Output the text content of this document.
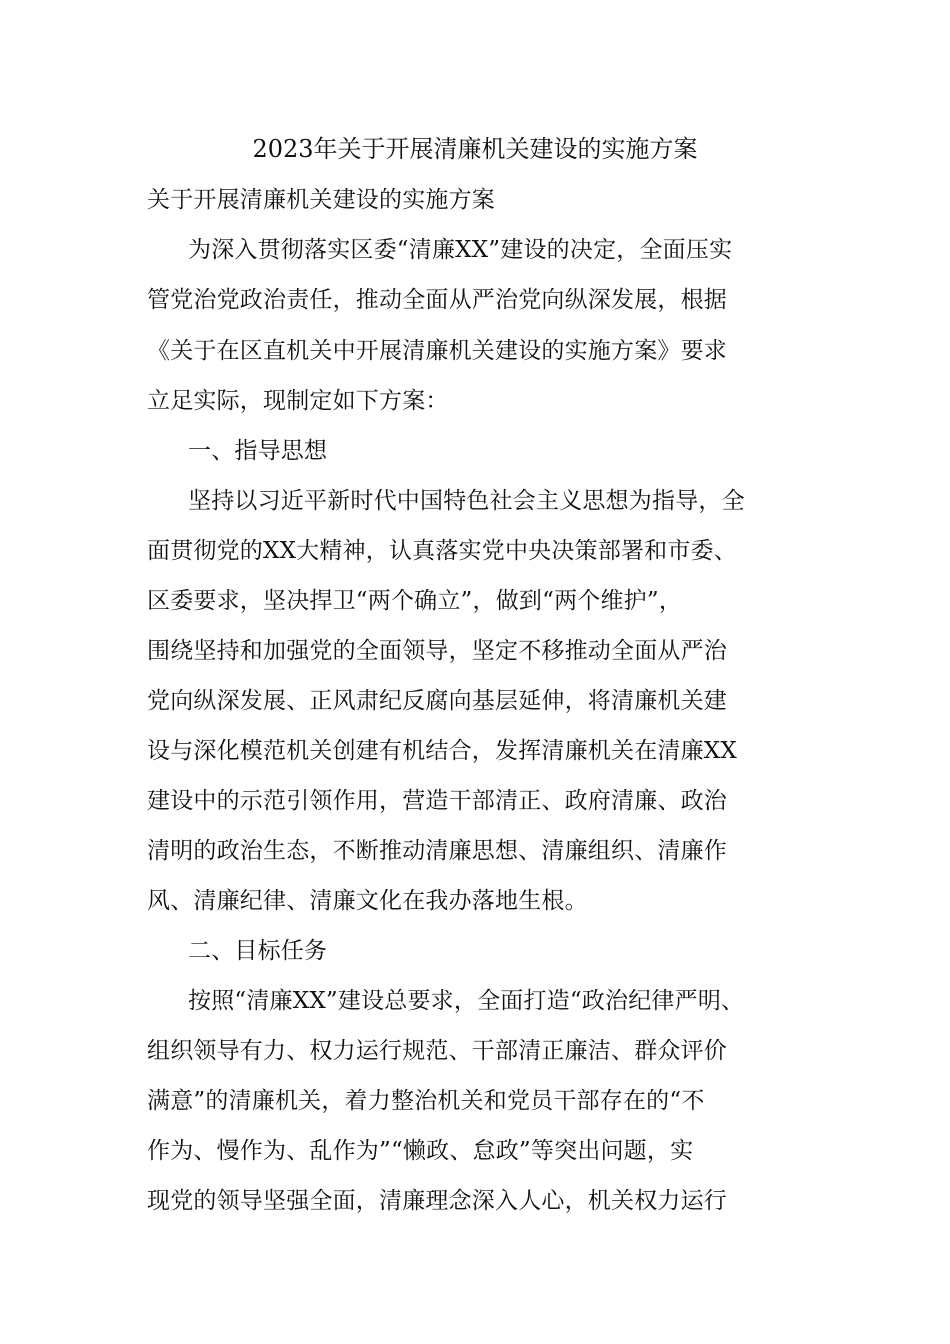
2023年关于开展清廉机关建设的实施方案
关于开展清廉机关建设的实施方案
为深入贯彻落实区委“清廉XX”建设的决定，全面压实
管党治党政治责任，推动全面从严治党向纵深发展，根据
《关于在区直机关中开展清廉机关建设的实施方案》要求
立足实际，现制定如下方案：
一、指导思想
坚持以习近平新时代中国特色社会主义思想为指导，全
面贯彻党的XX大精神，认真落实党中央决策部署和市委、
区委要求，坚决捍卫“两个确立”，做到“两个维护”，
围绕坚持和加强党的全面领导，坚定不移推动全面从严治
党向纵深发展、正风肃纪反腐向基层延伸，将清廉机关建
设与深化模范机关创建有机结合，发挥清廉机关在清廉XX
建设中的示范引领作用，营造干部清正、政府清廉、政治
清明的政治生态，不断推动清廉思想、清廉组织、清廉作
风、清廉纪律、清廉文化在我办落地生根。
二、目标任务
按照“清廉XX”建设总要求，全面打造“政治纪律严明、
组织领导有力、权力运行规范、干部清正廉洁、群众评价
满意”的清廉机关，着力整治机关和党员干部存在的“不
作为、慢作为、乱作为”“懒政、怠政”等突出问题，实
现党的领导坚强全面，清廉理念深入人心，机关权力运行
